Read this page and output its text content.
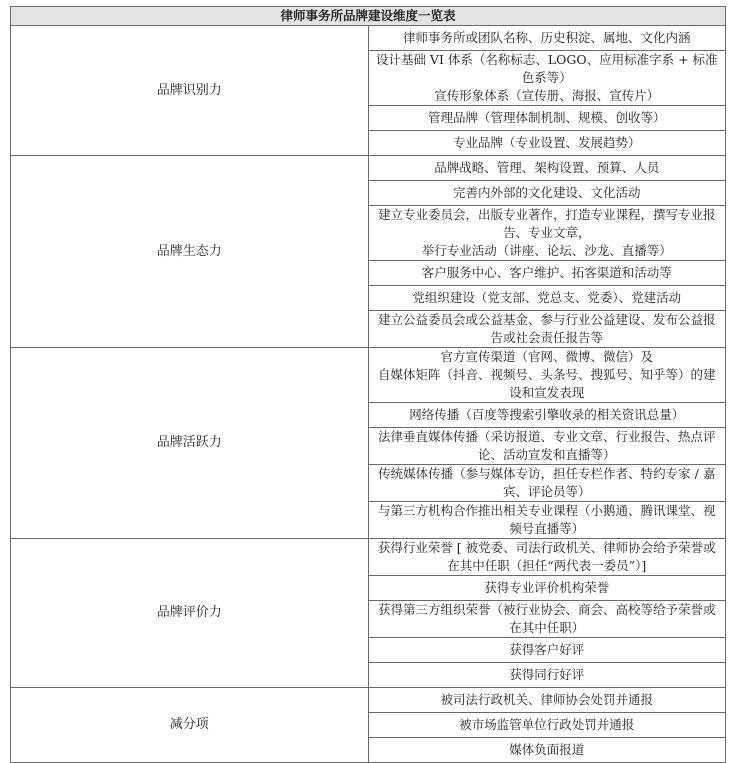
律师事务所品牌建设维度一览表	
品牌识别力	律师事务所或团队名称、历史积淀、属地、文化内涵

	设计基础 VI 体系（名称标志、LOGO、应用标准字系 + 标准色系等）
宣传形象体系（宣传册、海报、宣传片）

	管理品牌（管理体制机制、规模、创收等）

	专业品牌（专业设置、发展趋势）

品牌生态力	品牌战略、管理、架构设置、预算、人员

	完善内外部的文化建设、文化活动

	建立专业委员会，出版专业著作，打造专业课程，撰写专业报告、专业文章，
举行专业活动（讲座、论坛、沙龙、直播等）

	客户服务中心、客户维护、拓客渠道和活动等

	党组织建设（党支部、党总支、党委）、党建活动

	建立公益委员会或公益基金、参与行业公益建设、发布公益报告或社会责任报告等

品牌活跃力	官方宣传渠道（官网、微博、微信）及
自媒体矩阵（抖音、视频号、头条号、搜狐号、知乎等）的建设和宣发表现

	网络传播（百度等搜索引擎收录的相关资讯总量）

	法律垂直媒体传播（采访报道、专业文章、行业报告、热点评论、活动宣发和直播等）

	传统媒体传播（参与媒体专访，担任专栏作者、特约专家 / 嘉宾、评论员等）

	与第三方机构合作推出相关专业课程（小鹅通、腾讯课堂、视频号直播等）

品牌评价力	获得行业荣誉 [ 被党委、司法行政机关、律师协会给予荣誉或在其中任职（担任“两代表一委员”）]

	获得专业评价机构荣誉

	获得第三方组织荣誉（被行业协会、商会、高校等给予荣誉或在其中任职）

	获得客户好评

	获得同行好评

减分项	被司法行政机关、律师协会处罚并通报

	被市场监管单位行政处罚并通报

	媒体负面报道
